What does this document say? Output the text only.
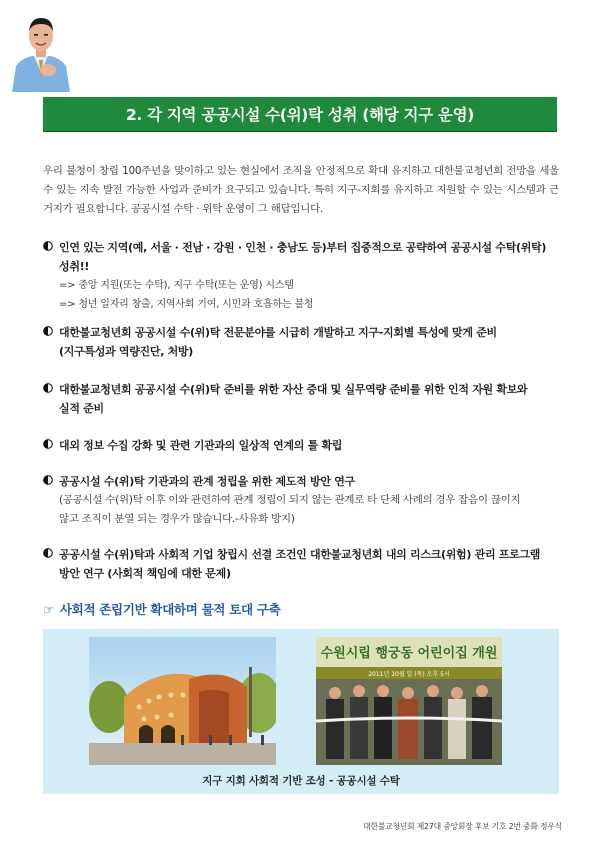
2. 각 지역 공공시설 수(위)탁 성취 (해당 지구 운영)
우리 불청이 창립 100주년을 맞이하고 있는 현실에서 조직을 안정적으로 확대 유지하고 대한불교청년회 전망을 세울 수 있는 지속 발전 가능한 사업과 준비가 요구되고 있습니다. 특히 지구-지회를 유지하고 지원할 수 있는 시스템과 근거지가 필요합니다. 공공시설 수탁 · 위탁 운영이 그 해답입니다.
인연 있는 지역(예, 서울 · 전남 · 강원 · 인천 · 충남도 등)부터 집중적으로 공략하여 공공시설 수탁(위탁)
성취!!
=> 중앙 지원(또는 수탁), 지구 수탁(또는 운영) 시스템
=> 청년 일자리 창출, 지역사회 기여, 시민과 호흡하는 불청
대한불교청년회 공공시설 수(위)탁 전문분야를 시급히 개발하고 지구-지회별 특성에 맞게 준비
(지구특성과 역량진단, 처방)
대한불교청년회 공공시설 수(위)탁 준비를 위한 자산 증대 및 실무역량 준비를 위한 인적 자원 확보와
실적 준비
대외 정보 수집 강화 및 관련 기관과의 일상적 연계의 틀 확립
공공시설 수(위)탁 기관과의 관계 정립을 위한 제도적 방안 연구
(공공시설 수(위)탁 이후 이와 관련하여 관계 정립이 되지 않는 관계로 타 단체 사례의 경우 잡음이 끊이지
않고 조직이 분열 되는 경우가 많습니다.-사유화 방지)
공공시설 수(위)탁과 사회적 기업 창립시 선결 조건인 대한불교청년회 내의 리스크(위험) 관리 프로그램
방안 연구 (사회적 책임에 대한 문제)
☞ 사회적 존립기반 확대하며 물적 토대 구축
수원시립 행궁동 어린이집 개원
2011년 10월 일 (목) 오후 5시
지구 지회 사회적 기반 조성 - 공공시설 수탁
대한불교청년회 제27대 중앙회장 후보 기호 2번 중화 정우식
